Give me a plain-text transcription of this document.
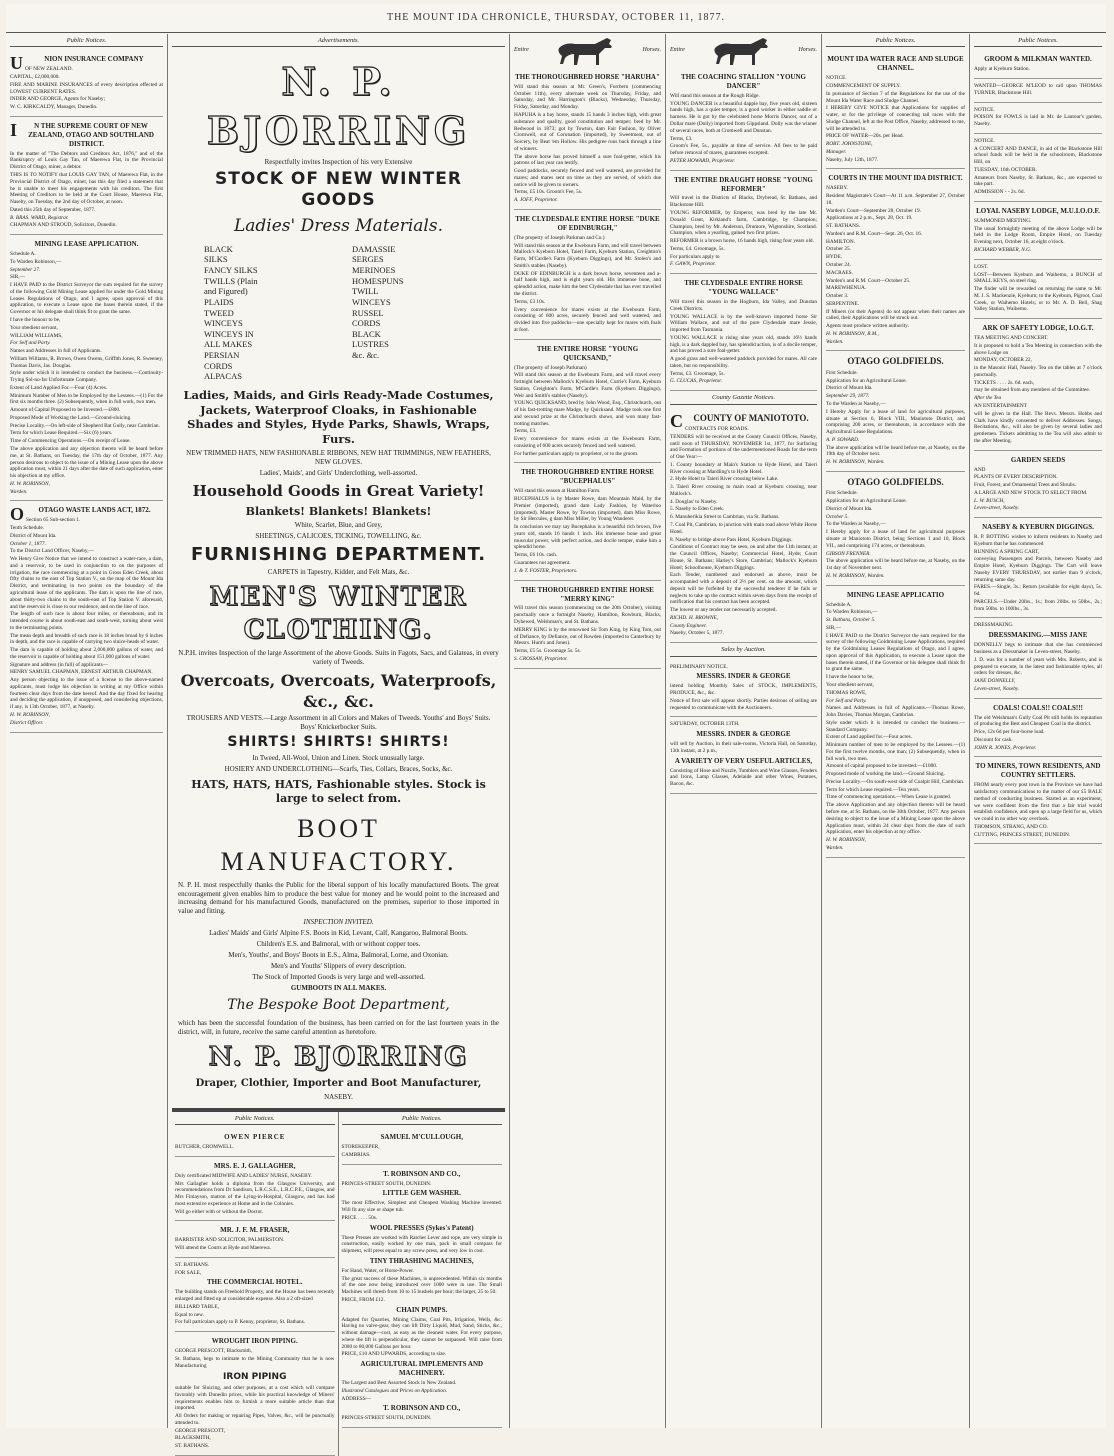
THE MOUNT IDA CHRONICLE, THURSDAY, OCTOBER 11, 1877.
Public Notices.
U	NION INSURANCE COMPANY

OF NEW ZEALAND.

CAPITAL, £2,000,000.

FIRE AND MARINE INSURANCES of every description effected at LOWEST CURRENT RATES.

INDER AND GEORGE, Agents for Naseby;

W. C. KIRKCALDY, Manager, Dunedin.

I N THE SUPREME COURT OF NEW ZEALAND, OTAGO AND SOUTHLAND DISTRICT.

In the matter of "The Debtors and Creditors Act, 1876," and of the Bankruptcy of Louis Gay Tan, of Maerewa Flat, in the Provincial District of Otago, miner, a debtor.

THIS IS TO NOTIFY that LOUIS GAY TAN, of Maerewa Flat, in the Provincial District of Otago, miner, has this day filed a statement that he is unable to meet his engagements with his creditors. The first Meeting of Creditors to be held at the Court House, Maerewa Flat, Naseby, on Tuesday, the 2nd day of October, at noon.

Dated this 25th day of September, 1877.

B. BRAS. WARD, Registrar.

CHAPMAN AND STROUD, Solicitors, Dunedin.

MINING LEASE APPLICATION.

Schedule A.

To Warden Robinson,—

September 27.

SIR,—

I HAVE PAID to the District Surveyor the sum required for the survey of the following Gold Mining Lease applied for under the Gold Mining Leases Regulations of Otago, and I agree, upon approval of this application, to execute a Lease upon the bases therein stated, if the Governor or his delegate shall think fit to grant the same.

I have the honour to be,

Your obedient servant,

WILLIAM WILLIAMS,

For Self and Party.

Names and Addresses in full of Applicants.

William Williams, R. Brown, Owen Owens, Griffith Jones, R. Sweeney, Thomas Davis, Jas. Douglas.

Style under which it is intended to conduct the business.—Continuity-Trying Sol-no-far Unfortunate Company.

Extent of Land Applied For.—Four (4) Acres.

Minimum Number of Men to be Employed by the Lessees.—(1) For the first six months three. (2) Subsequently, when in full work, two men.

Amount of Capital Proposed to be Invested.—£800.

Proposed Mode of Working the Land.—Ground-sluicing.

Precise Locality.—On left-side of Shepherd Bat Gully, near Cambrian.

Term for which Lease Required.—Six (6) years.

Time of Commencing Operations.—On receipt of Lease.

The above application and any objection thereto will be heard before me, at St. Bathans, on Tuesday, the 17th day of October, 1877. Any person desirous to object to the issue of a Mining Lease upon the above application must, within 21 days after the date of such application, enter his objection at my office.

H. W. ROBINSON,

Warden.

O OTAGO WASTE LANDS ACT, 1872.

Section 65 Sub-section 1.

Tenth Schedule.

District of Mount Ida.

October 1, 1877.

To the District Land Officer, Naseby,—

We Henry Give Notice that we intend to construct a water-race, a dam, and a reservoir, to be used in conjunction to on the purposes of irrigation, the race commencing at a point in Gross Eden Creek, about fifty chains to the east of Top Station V., on the map of the Mount Ida District, and terminating in two points on the boundary of the agricultural lease of the applicants. The dam is upon the line of race, about thirty-two chains to the south-east of Top Station V. aforesaid, and the reservoir is close to our residence, and on the line of race.

The length of such race is about four miles, or thereabouts, and its intended course is about south-east and south-west, turning about west to the terminating points.

The mean depth and breadth of such race is 18 inches broad by 6 inches in depth, and the race is capable of carrying two sluice-heads of water.

The dam is capable of holding about 2,000,000 gallons of water, and the reservoir is capable of holding about 151,000 gallons of water.

Signature and address (in full) of applicants—

HENRY SAMUEL CHAPMAN, ERNEST ARTHUR CHAPMAN.

Any person objecting to the issue of a license to the above-named applicants, must lodge his objection in writing at my Office within fourteen clear days from the date hereof. And the day fixed for hearing and deciding the application, if unopposed, and considering objections, if any, is 13th October, 1877, at Naseby.

H. W. ROBINSON,

District Officer.

Advertisements.
N. P. BJORRING
Respectfully invites Inspection of his very Extensive
STOCK OF NEW WINTER GOODS
Ladies' Dress Materials.
BLACK SILKS
FANCY SILKS
TWILLS (Plain and Figured)
PLAIDS
TWEED WINCEYS
WINCEYS IN ALL MAKES
PERSIAN CORDS
ALPACAS
DAMASSIE
SERGES
MERINOES
HOMESPUNS
TWILL WINCEYS
RUSSEL CORDS
BLACK LUSTRES
&c. &c.
Ladies, Maids, and Girls Ready-Made Costumes, Jackets, Waterproof Cloaks, in Fashionable Shades and Styles, Hyde Parks, Shawls, Wraps, Furs.
NEW TRIMMED HATS, NEW FASHIONABLE RIBBONS, NEW HAT TRIMMINGS, NEW FEATHERS, NEW GLOVES.
Ladies', Maids', and Girls' Underclothing, well-assorted.
Household Goods in Great Variety!
Blankets! Blankets! Blankets!
White, Scarlet, Blue, and Grey,
SHEETINGS, CALICOES, TICKING, TOWELLING, &c.
FURNISHING DEPARTMENT.
CARPETS in Tapestry, Kidder, and Felt Mats, &c.
MEN'S WINTER CLOTHING.
N.P.H. invites Inspection of the large Assortment of the above Goods. Suits in Fagots, Sacs, and Galateas, in every variety of Tweeds.
Overcoats, Overcoats, Waterproofs, &c., &c.
TROUSERS AND VESTS.—Large Assortment in all Colors and Makes of Tweeds. Youths' and Boys' Suits. Boys' Knickerbocker Suits.
SHIRTS! SHIRTS! SHIRTS!
In Tweed, All-Wool, Union and Linen. Stock unusually large.
HOSIERY AND UNDERCLOTHING—Scarfs, Ties, Collars, Braces, Socks, &c.
HATS, HATS, HATS, Fashionable styles. Stock is large to select from.
BOOT MANUFACTORY.
N. P. H. most respectfully thanks the Public for the liberal support of his locally manufactured Boots. The great encouragement given enables him to produce the best value for money and he would point to the increased and increasing demand for his manufactured Goods, manufactured on the premises, superior to those imported in value and fitting.
INSPECTION INVITED.
Ladies' Maids' and Girls' Alpine F.S. Boots in Kid, Levant, Calf, Kangaroo, Balmoral Boots.
Children's E.S. and Balmoral, with or without copper toes.
Men's, Youths', and Boys' Boots in E.S., Alma, Balmoral, Lorne, and Oxonian.
Men's and Youths' Slippers of every description.
The Stock of Imported Goods is very large and well-assorted.
GUMBOOTS IN ALL MAKES.
The Bespoke Boot Department,
which has been the successful foundation of the business, has been carried on for the last fourteen years in the district, will, in future, receive the same careful attention as heretofore.
N. P. BJORRING
Draper, Clothier, Importer and Boot Manufacturer,
NASEBY.
Public Notices.
OWEN PIERCE

BUTCHER, CROMWELL.

MRS. E. J. GALLAGHER,

Duly certificated MIDWIFE AND LADIES' NURSE, NASEBY.

Mrs Gallagher holds a diploma from the Glasgow University, and recommendations from Dr Sandison, L.R.C.S.E., L.R.C.P.E., Glasgow, and Mrs Finlayson, matron of the Lying-in-Hospital, Glasgow, and has had most extensive experience at Home and in the Colonies.

Will go either with or without the Doctor.

MR. J. F. M. FRASER,

BARRISTER AND SOLICITOR, PALMERSTON.

Will attend the Courts at Hyde and Maerewa.

ST. BATHANS.

FOR SALE,

THE COMMERCIAL HOTEL.

The building stands on Freehold Property, and the House has been recently enlarged and fitted up at considerable expense. Also a 2 oft-sized

BILLIARD TABLE,

Equal to new.

For full particulars apply to P. Kenny, proprietor, St. Bathans.

WROUGHT IRON PIPING.

GEORGE PRESCOTT, Blacksmith,

St. Bathans, begs to intimate to the Mining Community that he is now Manufacturing

IRON PIPING

suitable for Sluicing, and other purposes, at a cost which will compare favorably with Dunedin prices, while his practical knowledge of Miners' requirements enables him to furnish a more suitable article than that imported.

All Orders for making or repairing Pipes, Valves, &c., will be punctually attended to.

GEORGE PRESCOTT,

BLACKSMITH,

ST. BATHANS.

Public Notices.
SAMUEL M'CULLOUGH,

STOREKEEPER,

CAMBRIAS.

T. ROBINSON AND CO.,

PRINCES-STREET SOUTH, DUNEDIN.

LITTLE GEM WASHER.

The most Effective, Simplest and Cheapest Washing Machine invented. Will fit any size or shape tub.

PRICE . . . . 50s.

WOOL PRESSES (Sykes's Patent)

These Presses are worked with Ratchet Lever and rope, are very simple in construction, easily worked by one man, pack in small compass for shipment, will press equal to any screw press, and very low in cost.

TINY THRASHING MACHINES,

For Hand, Water, or Horse-Power.

The great success of these Machines, is unprecedented. Within six months of the one now being introduced over 1000 were in use. The Small Machines will thresh from 10 to 15 bushels per hour; the larger, 25 to 50.

PRICE, FROM £12.

CHAIN PUMPS.

Adapted for Quarries, Mining Claims, Coal Pits, Irrigation, Wells, &c. Having no valve-gear, they can lift Dirty Liquid, Mud, Sand, Sticks, &c., without damage—cost, as easy as the cleanest water. For every purpose, where the lift is perpendicular, they cannot be surpassed. Will raise from 2000 to 80,000 Gallons per hour.

PRICE, £10 AND UPWARDS, according to size.

AGRICULTURAL IMPLEMENTS AND MACHINERY.

The Largest and Best Assorted Stock in New Zealand.

Illustrated Catalogues and Prices on Application.

ADDRESS—

T. ROBINSON AND CO.,

PRINCES-STREET SOUTH, DUNEDIN.

Entire	Horses.
THE THOROUGHBRED HORSE "HARUHA"

Will stand this season at Mr. Green's, Forrbern (commencing October 11th), every alternate week on Thursday, Friday, and Saturday, and Mr. Harrington's (Blacks), Wednesday, Thursday, Friday, Saturday, and Monday.

HAPUHA is a bay horse, stands 15 hands 3 inches high, with great substance and quality, good constitution and temper; bred by Mr. Redwood in 1873; got by Towton, dam Fair Fashion, by Oliver Cromwell, out of Coronation (imported), by Sweetmeat, out of Sorcery, by Beat 'em Hollow. His pedigree runs back through a line of winners.

The above horse has proved himself a sure foal-getter, which his patrons of last year can testify.

Good paddocks, securely fenced and well watered, are provided for mares; and mares sent on time as they are served, of which due notice will be given to owners.

Terms, £5 10s. Groom's Fee, 5s.

A. JOFF, Proprietor.

THE CLYDESDALE ENTIRE HORSE "DUKE OF EDINBURGH,"

(The property of Joseph Parkman and Co.)

Will stand this season at the Ewebourn Farm, and will travel between Mallock's Kyeburn Hotel, Taieri Farm, Kyeburn Station, Creighton's Farm, M'Cardle's Farm (Kyeburn Diggings), and Mr. Stolen's and Smith's stables (Naseby).

DUKE OF EDINBURGH is a dark brown horse, seventeen and a-half hands high, and is eight years old. His immense bone, and splendid action, make him the best Clydesdale that has ever travelled the district.

Terms, £3 10s.

Every convenience for mares exists at the Ewebourn Farm, consisting of 600 acres, securely fenced and well watered, and divided into five paddocks—one specially kept for mares with foals at foot.

THE ENTIRE HORSE "YOUNG QUICKSAND,"

(The property of Joseph Parkman)

Will stand this season at the Ewebourn Farm, and will travel every fortnight between Mallock's Kyeburn Hotel, Currie's Farm, Kyeburn Station, Creighton's Farm, M'Cardle's Farm (Kyeburn Diggings), Weir and Smith's stables (Naseby).

YOUNG QUICKSAND, bred by John Wood, Esq., Christchurch, out of his fast-trotting mare Madge, by Quicksand. Madge took one first and second prize at the Christchurch shows, and won many fast-trotting matches.

Terms, £3.

Every convenience for mares exists at the Ewebourn Farm, consisting of 600 acres securely fenced and well watered.

For further particulars apply to proprietor, or to the groom.

THE THOROUGHBRED ENTIRE HORSE "BUCEPHALUS"

Will stand this season at Hamilton Farm.

BUCEPHALUS is by Master Rowe, dam Mountain Maid, by the Premier (imported), grand dam Lady Fashion, by Waterloo (imported). Master Rowe, by Towton (imported), dam Miss Rowe, by Sir Hercules, g dam Miss Miller, by Young Wanderer.

In conclusion we may say Bucephalus is a beautiful rich brown, five years old, stands 16 hands 1 inch. His immense bone and great muscular power, with perfect action, and docile temper, make him a splendid horse.

Terms, £6 10s. cash.

Guarantees not agreement.

J. & T. FOSTER, Proprietors.

THE THOROUGHBRED ENTIRE HORSE "MERRY KING"

Will travel this season (commencing on the 20th October), visiting punctually once a fortnight Naseby, Hamilton, Rowburn, Blacks, Dyhewed, Welshman's, and St. Bathans.

MERRY KING is by the renowned Sir Tom King, by King Tom, out of Defiance, by Defiance, out of Rowden (imported to Canterbury by Messrs. Hunt's and Jones).

Terms, £5 5s. Groomage 5s. 5s.

S. CROSSAN, Proprietor.

Entire	Horses.
THE COACHING STALLION "YOUNG DANCER"

Will stand this season at the Rough Ridge.

YOUNG DANCER is a beautiful dapple bay, five years old, sixteen hands high, has a quiet temper, is a good worker in either saddle or harness. He is got by the celebrated horse Morris Dancer, out of a Dollar mare (Dolly) imported from Gippsland. Dolly was the winner of several races, both at Cromwell and Dunstan.

Terms, £3.

Groom's Fee, 5s., payable at time of service. All fees to be paid before removal of mares, guarantees excepted.

PETER HOWARD, Proprietor.

THE ENTIRE DRAUGHT HORSE "YOUNG REFORMER"

Will travel in the Districts of Blacks, Drybread, St. Bathans, and Blackstone Hill.

YOUNG REFORMER, by Emperor, was bred by the late Mr. Donald Grant, Kirkland's farm, Cambridge, by Champion; Champion, bred by Mr. Anderson, Drumore, Wigtonshire, Scotland. Champion, when a yearling, gained two first prizes.

REFORMER is a brown horse, 16 hands high, rising four years old.

Terms, £4. Groomage, 5s.

For particulars apply to

F. GAWN, Proprietor.

THE CLYDESDALE ENTIRE HORSE "YOUNG WALLACE"

Will travel this season in the Hogburn, Ida Valley, and Dunstan Creek Districts.

YOUNG WALLACE is by the well-known imported horse Sir William Wallace, and out of the pure Clydesdale mare Jessie, imported from Tasmania.

YOUNG WALLACE is rising nine years old, stands 16½ hands high, is a dark dappled bay, has splendid action, is of a docile temper, and has proved a sure foal-getter.

A good grass and well-watered paddock provided for mares. All care taken, but no responsibility.

Terms, £3. Groomage, 5s.

G. CLUCAS, Proprietor.

County Gazette Notices.
C COUNTY OF MANIOTOTO.

CONTRACTS FOR ROADS.

TENDERS will be received at the County Council Offices, Naseby, until noon of THURSDAY, NOVEMBER 1st, 1877, for Surfacing and Formation of portions of the undermentioned Roads for the term of One Year:—

1. County boundary at Main's Station to Hyde Hotel, and Taieri River crossing at Mardling's to Hyde Hotel.

2. Hyde Hotel to Taieri River crossing below Lake.

3. Taieri River crossing to main road at Kyeburn crossing, near Mallock's.

4. Douglas' to Naseby.

5. Naseby to Eden Creek.

6. Manuherikia Street to Cambrian, via St. Bathans.

7. Coal Pit, Cambrian, to junction with main road above White Horse Hotel.

8. Naseby to bridge above Pass Hotel, Kyeburn Diggings.

Conditions of Contract may be seen, on and after the 11th instant, at the Council Offices, Naseby; Commercial Hotel, Hyde; Court House, St. Bathans; Harley's Store, Cambrian; Mallock's Kyeburn Hotel; Schoolhouse, Kyeburn Diggings.

Each Tender, numbered and endorsed as above, must be accompanied with a deposit of 2½ per cent. on the amount, which deposit will be forfeited by the successful tenderer if he fails or neglects to take up the contract within seven days from the receipt of notification that his contract has been accepted.

The lowest or any tender not necessarily accepted.

RICHD. H. BROWNE,

County Engineer.

Naseby, October 5, 1877.

Sales by Auction.

PRELIMINARY NOTICE.

MESSRS. INDER & GEORGE

intend holding Monthly Sales of STOCK, IMPLEMENTS, PRODUCE, &c., &c.

Notice of first sale will appear shortly. Parties desirous of selling are requested to communicate with the Auctioneers.

SATURDAY, OCTOBER 13TH.

MESSRS. INDER & GEORGE

will sell by Auction, in their sale-rooms, Victoria Hall, on Saturday, 13th instant, at 2 p.m.,

A VARIETY OF VERY USEFUL ARTICLES,

Consisting of Hose and Nozzle, Tumblers and Wine Glasses, Fenders and Irons, Lamp Glasses, Adelaide and other Wines, Potatoes, Bacon, &c.

Public Notices.
MOUNT IDA WATER RACE AND SLUDGE CHANNEL.

NOTICE.

COMMENCEMENT OF SUPPLY.

In pursuance of Section 7 of the Regulations for the use of the Mount Ida Water Race and Sludge Channel.

I HEREBY GIVE NOTICE that Applications for supplies of water, or for the privilege of connecting tail races with the Sludge Channel, left at the Post Office, Naseby, addressed to me, will be attended to.

PRICE OF WATER—20s. per Head.

ROBT. JOHNSTONE,

Manager.

Naseby, July 12th, 1877.

COURTS IN THE MOUNT IDA DISTRICT.

NASEBY.

Resident Magistrate's Court—At 11 a.m. September 27, October 18.

Warden's Court—September 28, October 19.

Applications at 2 p.m., Sept. 28, Oct. 19.

ST. BATHANS.

Warden's and R.M. Court—Sept. 26, Oct. 16.

HAMILTON.

October 25.

HYDE.

October 24.

MACRAES.

Warden's and R.M. Court—October 25.

MAREWHENUA.

October 3.

SERPENTINE.

If Miners (or their Agents) do not appear when their names are called, their Applications will be struck out.

Agents must produce written authority.

H. W. ROBINSON, R.M.,

Warden.

OTAGO GOLDFIELDS.

First Schedule.

Application for an Agricultural Lease.

District of Mount Ida.

September 29, 1877.

To the Warden at Naseby,—

I Hereby Apply for a lease of land for agricultural purposes, situate at Section 6, Block VIII., Maniototo District, and comprising 200 acres, or thereabouts, in accordance with the Agricultural Lease Regulations.

A. P. SOWARD.

The above application will be heard before me, at Naseby, on the 19th day of October next.

H. W. ROBINSON, Warden.

OTAGO GOLDFIELDS.

First Schedule.

Application for an Agricultural Lease.

District of Mount Ida.

October 5.

To the Warden at Naseby,—

I Hereby apply for a lease of land for agricultural purposes situate at Maniototo District, being Sections 1 and 10, Block VII., and comprising 174 acres, or thereabouts.

GIBSON FRENNER.

The above application will be heard before me, at Naseby, on the 1st day of November next.

H. W. ROBINSON, Warden.

MINING LEASE APPLICATIO

Schedule A.

To Warden Robinson,—

St. Bathans, October 5.

SIR,—

I HAVE PAID to the District Surveyor the sum required for the survey of the following Goldmining Lease Applications, required by the Goldmining Leases Regulations of Otago, and I agree, upon approval of this Application, to execute a Lease upon the bases therein stated, if the Governor or his delegate shall think fit to grant the same.

I have the honor to be,

Your obedient servant,

THOMAS ROWE,

For Self and Party.

Names and Addresses in full of Applicants.—Thomas Rowe, John Davies, Thomas Morgan, Cambrian.

Style under which it is intended to conduct the business.—Standard Company.

Extent of Land applied for.—Four acres.

Minimum number of men to be employed by the Lessees.—(1) For the first twelve months, one man; (2) Subsequently, when in full work, two men.

Amount of capital proposed to be invested.—£1000.

Proposed mode of working the land.—Ground Sluicing.

Precise Locality.—On south-west side of Coalpit Hill, Cambrian.

Term for which Lease required.—Ten years.

Time of commencing operations.—When Lease is granted.

The above Application and any objection thereto will be heard before me, at St. Bathans, on the 30th October, 1877. Any person desiring to object to the issue of a Mining Lease upon the above Application must, within 24 clear days from the date of such Application, enter his objection at my office.

H. W. ROBINSON,

Warden.

Public Notices.
GROOM & MILKMAN WANTED.

Apply at Kyeburn Station.

WANTED—GEORGE M'LEOD to call upon THOMAS TURNER, Blackstone Hill.

NOTICE.

POISON for FOWLS is laid in Mr. de Lautour's garden, Naseby.

NOTICE.

A CONCERT AND DANCE, in aid of the Blackstone Hill school funds will be held in the schoolroom, Blackstone Hill, on

TUESDAY, 16th OCTOBER.

Amateurs from Naseby, St. Bathans, &c., are expected to take part.

ADMISSION - - 2s. 6d.

LOYAL NASEBY LODGE, M.U.I.O.O.F.

SUMMONED MEETING.

The usual fortnightly meeting of the above Lodge will be held in the Lodge Room, Empire Hotel, on Tuesday Evening next, October 16, at eight o'clock.

RICHARD WEBBER, N.G.

LOST.

LOST—Between Kyeburn and Waihemo, a BUNCH of SMALL KEYS, on steel ring.

The finder will be rewarded on returning the same to Mr. M. J. S. Mackenzie, Kyeburn; to the Kyeburn, Pigroot, Coal Creek, or Waihemo Hotels; or to Mr. A. D. Bell, Shag Valley Station, Waihemo.

ARK OF SAFETY LODGE, I.O.G.T.

TEA MEETING AND CONCERT.

It is proposed to hold a Tea Meeting in connection with the above Lodge on

MONDAY, OCTOBER 22,

in the Masonic Hall, Naseby. Tea on the tables at 7 o'clock punctually.

TICKETS . . . . 2s. 6d. each,

may be obtained from any members of the Committee.

After the Tea

AN ENTERTAINMENT

will be given in the Hall. The Revs. Messrs. Hobbs and Clark have kindly consented to deliver Addresses. Songs, Recitations, &c., will also be given by several ladies and gentlemen. Tickets admitting to the Tea will also admit to the after Meeting.

GARDEN SEEDS

AND

PLANTS OF EVERY DESCRIPTION.

Fruit, Forest, and Ornamental Trees and Shrubs.

A LARGE AND NEW STOCK TO SELECT FROM.

L. W. BUSCH,

Leven-street, Naseby.

NASEBY & KYEBURN DIGGINGS.

R. P. BOTTING wishes to inform residents in Naseby and Kyeburn that he has commenced

RUNNING A SPRING CART,

conveying Passengers and Parcels, between Naseby and Empire Hotel, Kyeburn Diggings. The Cart will leave Naseby EVERY THURSDAY, not earlier than 9 o'clock, returning same day.

FARES.—Single, 3s.; Return (available for eight days), 5s. 6d.

PARCELS.—Under 20lbs., 1s.; from 20lbs. to 50lbs., 2s.; from 50lbs. to 100lbs., 3s.

DRESSMAKING.

DRESSMAKING.—MISS JANE

DONNELLY begs to intimate that she has commenced business as a Dressmaker in Leven-street, Naseby.

J. D. was for a number of years with Mrs. Roberts, and is prepared to execute, in the latest and fashionable styles, all orders for dresses, &c.

JANE DONNELLY,

Leven-street, Naseby.

COALS! COALS!! COALS!!!

The old Welshman's Gully Coal Pit still holds its reputation of producing the Best and Cheapest Coal in the district.

Price, 12s 6d per four-horse load.

Discount for cash.

JOHN R. JONES, Proprietor.

TO MINERS, TOWN RESIDENTS, AND COUNTRY SETTLERS.

FROM nearly every post town in the Province we have had satisfactory communications to the matter of our £5 BALE method of conducting business. Started as an experiment, we were confident from the first that a fair trial would establish confidence, and open up a large field for us, which we could in no other way overlook.

THOMSON, STRANG, AND CO.

CUTTING, PRINCES STREET, DUNEDIN.
